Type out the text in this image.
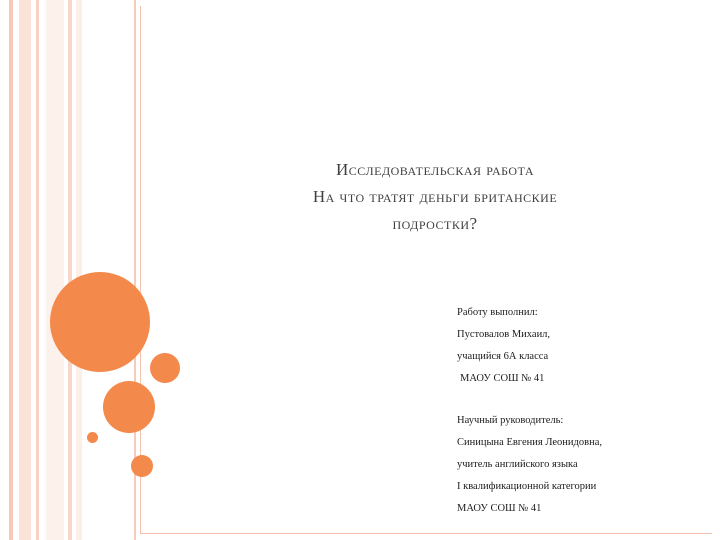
Исследовательская работа
На что тратят деньги британские
подростки?
Работу выполнил:
Пустовалов Михаил,
учащийся 6А класса
МАОУ СОШ № 41
Научный руководитель:
Синицына Евгения Леонидовна,
учитель английского языка
I квалификационной категории
МАОУ СОШ № 41
